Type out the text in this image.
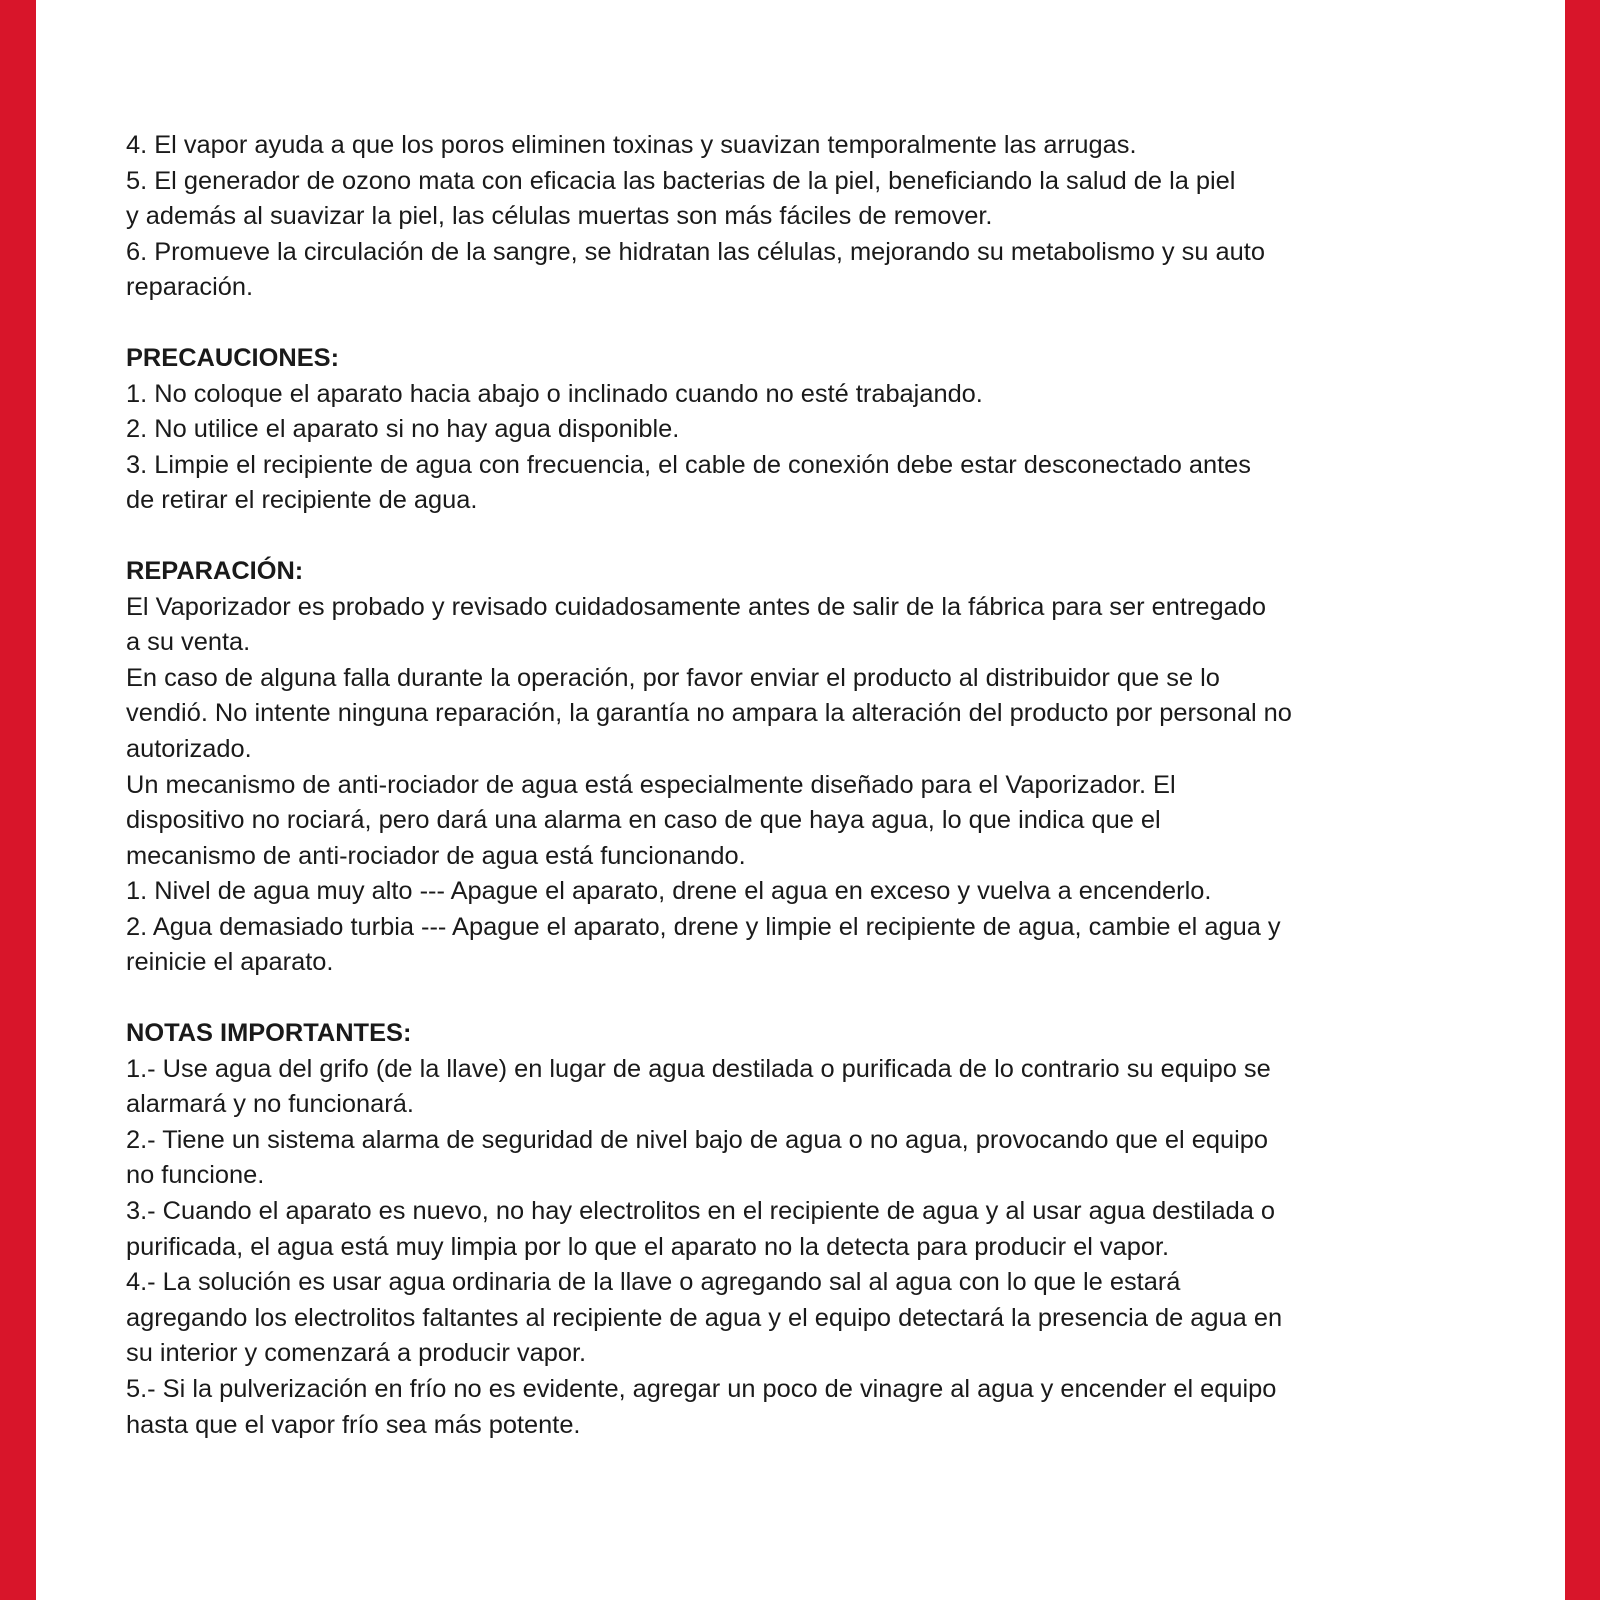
4. El vapor ayuda a que los poros eliminen toxinas y suavizan temporalmente las arrugas.

5. El generador de ozono mata con eficacia las bacterias de la piel, beneficiando la salud de la piel
y además al suavizar la piel, las células muertas son más fáciles de remover.

6. Promueve la circulación de la sangre, se hidratan las células, mejorando su metabolismo y su auto
reparación.

PRECAUCIONES:

1. No coloque el aparato hacia abajo o inclinado cuando no esté trabajando.

2. No utilice el aparato si no hay agua disponible.

3. Limpie el recipiente de agua con frecuencia, el cable de conexión debe estar desconectado antes
de retirar el recipiente de agua.

REPARACIÓN:

El Vaporizador es probado y revisado cuidadosamente antes de salir de la fábrica para ser entregado
a su venta.

En caso de alguna falla durante la operación, por favor enviar el producto al distribuidor que se lo
vendió. No intente ninguna reparación, la garantía no ampara la alteración del producto por personal no
autorizado.

Un mecanismo de anti-rociador de agua está especialmente diseñado para el Vaporizador. El
dispositivo no rociará, pero dará una alarma en caso de que haya agua, lo que indica que el
mecanismo de anti-rociador de agua está funcionando.

1. Nivel de agua muy alto --- Apague el aparato, drene el agua en exceso y vuelva a encenderlo.

2. Agua demasiado turbia --- Apague el aparato, drene y limpie el recipiente de agua, cambie el agua y
reinicie el aparato.

NOTAS IMPORTANTES:

1.- Use agua del grifo (de la llave) en lugar de agua destilada o purificada de lo contrario su equipo se
alarmará y no funcionará.

2.- Tiene un sistema alarma de seguridad de nivel bajo de agua o no agua, provocando que el equipo
no funcione.

3.- Cuando el aparato es nuevo, no hay electrolitos en el recipiente de agua y al usar agua destilada o
purificada, el agua está muy limpia por lo que el aparato no la detecta para producir el vapor.

4.- La solución es usar agua ordinaria de la llave o agregando sal al agua con lo que le estará
agregando los electrolitos faltantes al recipiente de agua y el equipo detectará la presencia de agua en
su interior y comenzará a producir vapor.

5.- Si la pulverización en frío no es evidente, agregar un poco de vinagre al agua y encender el equipo
hasta que el vapor frío sea más potente.
